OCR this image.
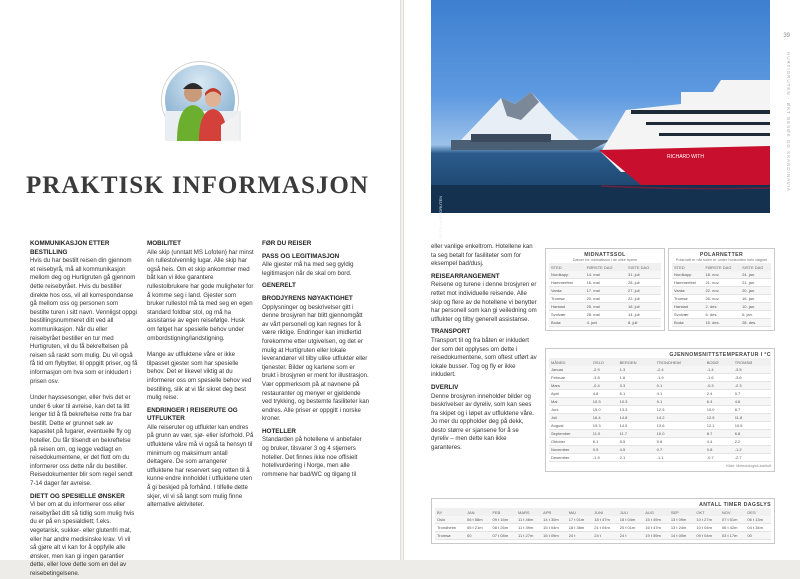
PRAKTISK INFORMASJON
KOMMUNIKASJON ETTER BESTILLING

Hvis du har bestilt reisen din gjennom et reisebyrå, må all kommunikasjon mellom deg og Hurtigruten gå gjennom dette reisebyrået. Hvis du bestiller direkte hos oss, vil all korrespondanse gå mellom oss og personen som bestilte turen i sitt navn. Vennligst oppgi bestillingsnummeret ditt ved all kommunikasjon. Når du eller reisebyrået bestiller en tur med Hurtigruten, vil du få bekreftelsen på reisen så raskt som mulig. Du vil også få tid om flybytter, til oppgitt priser, og få informasjon om hva som er inkludert i prisen osv.

Under hayssesonger, eller hvis det er under 6 uker til avreise, kan det ta litt lenger tid å få bekreftelse rette fra bar bestilt. Dette er grunnet søk av kapasitet på fugarer, eventuelle fly og hoteller. Du får tilsendt en bekreftelse på reisen om, og legge vedlagt en reisedokumentene, er det flott om du informerer oss dette når du bestiller. Reisedokumenter blir som regel sendt 7-14 dager før avreise.

DIETT OG SPESIELLE ØNSKER

Vi ber om at du informerer oss eller reisebyrået ditt så tidlig som mulig hvis du er på en spesialdiett; f.eks. vegetarisk, sukker- eller glutenfri mat, eller har andre medisinske krav. Vi vil så gjøre alt vi kan for å oppfylle alle ønsker, men kan gi ingen garantier dette, eller love dette som en del av reisebetingelsene.

MOBILITET

Alle skip (unntatt MS Lofoten) har minst én rullestolvennlig lugar. Alle skip har også heis. Om et skip ankommer med båt kan vi ikke garantere rullestolbrukere har gode muligheter for å komme seg i land. Gjester som bruker rullestol må ta med seg en egen standard foldbar stol, og må ha assistanse av egen reisefølge. Husk om følget har spesielle behov under ombordstigning/landstigning.

Mange av utfluktene våre er ikke tilpasset gjester som har spesielle behov. Det er likevel viktig at du informerer oss om spesielle behov ved bestilling, slik at vi får sikret deg best mulig reise.

ENDRINGER I REISERUTE OG UTFLUKTER

Alle reiseruter og utflukter kan endres på grunn av vær, sjø- eller isforhold. På utfluktene våre må vi også ta hensyn til minimum og maksimum antall deltagere. De som arrangerer utfluktene har reservert seg retten til å kunne endre innholdet i utfluktene uten å gi beskjed på forhånd. I tilfelle dette skjer, vil vi så langt som mulig finne alternative aktiviteter.

FØR DU REISER
PASS OG LEGITIMASJON

Alle gjester må ha med seg gyldig legitimasjon når de skal om bord.

GENERELT
BRODJYRENS NØYAKTIGHET

Opplysninger og beskrivelser gitt i denne brosjyren har blitt gjennomgått av vårt personell og kan regnes for å være riktige. Endringer kan imidlertid forekomme etter utgivelsen, og det er mulig at Hurtigruten eller lokale leverandører vil tilby ulike utflukter eller tjenester. Bilder og kartene som er brukt i brosjyren er ment for illustrasjon. Vær oppmerksom på at navnene på restauranter og menyer er gjeldende ved trykking, og bestemte fasiliteter kan endres. Alle priser er oppgitt i norske kroner.

HOTELLER

Standarden på hotellene vi anbefaler og bruker, tilsvarer 3 og 4 stjerners hoteller. Det finnes ikke noe offisielt hotellvurdering i Norge, men alle rommene har bad/WC og tilgang til

RICHARD WITH
FOTO: HURTIGRUTEN
39
HURTIGRUTEN · ØKT BESØK OG SKANDINAVIA

eller vanlige enkeltrom. Hotellene kan ta seg betalt for fasiliteter som for eksempel bad/dusj.

REISEARRANGEMENT

Reisene og turene i denne brosjyren er rettet mot individuelle reisende. Alle skip og flere av de hotellene vi benytter har personell som kan gi veiledning om utflukter og tilby generell assistanse.

TRANSPORT

Transport til og fra båten er inkludert der som det opplyses om dette i reisedokumentene, som oftest utført av lokale busser. Tog og fly er ikke inkludert.

DVERLIV

Denne brosjyren inneholder bilder og beskrivelser av dyreliv, som kan sees fra skipet og i løpet av utfluktene våre. Jo mer du oppholder deg på dekk, desto større er sjansene for å se dyreliv – men dette kan ikke garanteres.

MIDNATTSSOL
Datoer for midnattssol i de ulike byene
STED	FØRSTE DAG	SISTE DAG
Nordkapp	14. mai	31. juli
Hammerfest	16. mai	28. juli
Vardø	17. mai	27. juli
Tromsø	20. mai	22. juli
Harstad	25. mai	18. juli
Svolvær	28. mai	14. juli
Bodø	4. juni	8. juli
POLARNETTER
Polarnatt er når solen er under horisonten hele døgnet
STED	FØRSTE DAG	SISTE DAG
Nordkapp	18. nov.	24. jan.
Hammerfest	21. nov.	21. jan.
Vardø	22. nov.	20. jan.
Tromsø	26. nov.	16. jan.
Harstad	2. des.	10. jan.
Svolvær	6. des.	6. jan.
Bodø	15. des.	28. des.
GJENNOMSNITTSTEMPERATUR I °C
MÅNED	OSLO	BERGEN	TRONDHEIM	BODØ	TROMSØ
Januar	-2.9	1.3	-2.4	-1.4	-3.5
Februar	-3.8	1.6	-1.9	-1.6	-3.6
Mars	-0.4	3.3	0.1	-0.3	-2.3
April	4.8	6.1	4.1	2.4	0.7
Mai	10.3	10.3	9.1	6.4	4.6
Juni	15.0	13.3	12.5	10.0	8.7
Juli	16.4	14.8	14.2	12.5	11.8
August	15.3	14.5	13.6	12.1	10.5
September	11.0	11.7	10.0	8.7	6.8
Oktober	6.1	8.5	5.8	4.4	2.2
November	0.5	4.5	0.7	0.8	-1.2
Desember	-1.9	2.1	-1.1	-0.7	-2.7
Kilde: Meteorologisk institutt
ANTALL TIMER DAGSLYS
BY	JAN	FEB	MARS	APR	MAI	JUNI	JULI	AUG	SEP	OKT	NOV	DES
Oslo	06 t 58m	09 t 16m	11 t 46m	14 t 30m	17 t 01m	18 t 47m	18 t 04m	15 t 49m	13 t 09m	10 t 27m	07 t 51m	06 t 13m
Trondheim	05 t 21m	08 t 26m	11 t 39m	15 t 04m	18 t 36m	21 t 04m	20 t 01m	16 t 47m	13 t 24m	10 t 04m	06 t 42m	04 t 34m
Tromsø	00	07 t 08m	11 t 27m	16 t 09m	24 t	24 t	24 t	19 t 59m	14 t 00m	09 t 04m	03 t 17m	00
